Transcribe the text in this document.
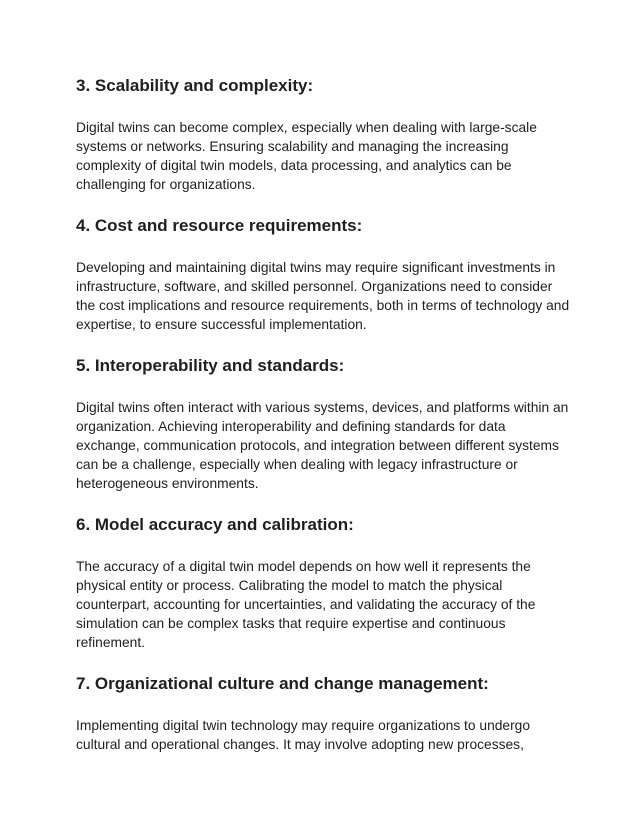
3. Scalability and complexity:

Digital twins can become complex, especially when dealing with large-scale
systems or networks. Ensuring scalability and managing the increasing
complexity of digital twin models, data processing, and analytics can be
challenging for organizations.

4. Cost and resource requirements:

Developing and maintaining digital twins may require significant investments in
infrastructure, software, and skilled personnel. Organizations need to consider
the cost implications and resource requirements, both in terms of technology and
expertise, to ensure successful implementation.

5. Interoperability and standards:

Digital twins often interact with various systems, devices, and platforms within an
organization. Achieving interoperability and defining standards for data
exchange, communication protocols, and integration between different systems
can be a challenge, especially when dealing with legacy infrastructure or
heterogeneous environments.

6. Model accuracy and calibration:

The accuracy of a digital twin model depends on how well it represents the
physical entity or process. Calibrating the model to match the physical
counterpart, accounting for uncertainties, and validating the accuracy of the
simulation can be complex tasks that require expertise and continuous
refinement.

7. Organizational culture and change management:

Implementing digital twin technology may require organizations to undergo
cultural and operational changes. It may involve adopting new processes,
